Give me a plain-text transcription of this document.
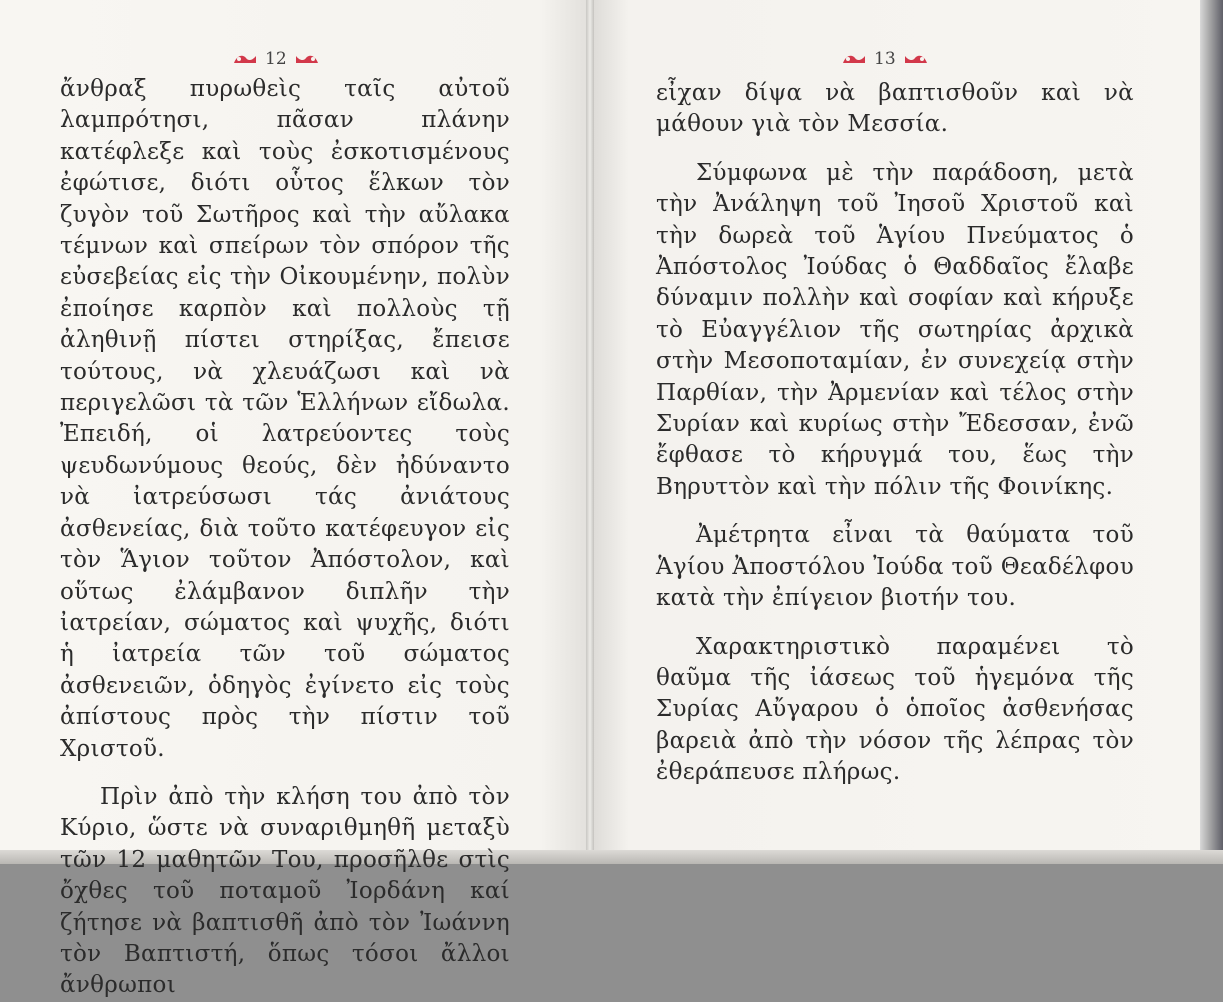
12	13

ἄνθραξ πυρωθεὶς ταῖς αὐτοῦ λαμπρότησι, πᾶσαν πλάνην κατέφλεξε καὶ τοὺς ἐσκοτισμένους ἐφώτισε, διότι οὗτος ἕλκων τὸν ζυγὸν τοῦ Σωτῆρος καὶ τὴν αὔλακα τέμνων καὶ σπείρων τὸν σπόρον τῆς εὐσεβείας εἰς τὴν Οἰκουμένην, πολὺν ἐποίησε καρπὸν καὶ πολλοὺς τῇ ἀληθινῇ πίστει στηρίξας, ἔπεισε τούτους, νὰ χλευάζωσι καὶ νὰ περιγελῶσι τὰ τῶν Ἑλλήνων εἴδωλα. Ἐπειδή, οἱ λατρεύοντες τοὺς ψευδωνύμους θεούς, δὲν ἠδύναντο νὰ ἰατρεύσωσι τάς ἀνιάτους ἀσθενείας, διὰ τοῦτο κατέφευγον εἰς τὸν Ἅγιον τοῦτον Ἀπόστολον, καὶ οὕτως ἐλάμβανον διπλῆν τὴν ἰατρείαν, σώματος καὶ ψυχῆς, διότι ἡ ἰατρεία τῶν τοῦ σώματος ἀσθενειῶν, ὁδηγὸς ἐγίνετο εἰς τοὺς ἀπίστους πρὸς τὴν πίστιν τοῦ Χριστοῦ.

Πρὶν ἀπὸ τὴν κλήση του ἀπὸ τὸν Κύριο, ὥστε νὰ συναριθμηθῆ μεταξὺ τῶν 12 μαθητῶν Του, προσῆλθε στὶς ὄχθες τοῦ ποταμοῦ Ἰορδάνη καί ζήτησε νὰ βαπτισθῆ ἀπὸ τὸν Ἰωάννη τὸν Βαπτιστή, ὅπως τόσοι ἄλλοι ἄνθρωποι

εἶχαν δίψα νὰ βαπτισθοῦν καὶ νὰ μάθουν γιὰ τὸν Μεσσία.

Σύμφωνα μὲ τὴν παράδοση, μετὰ τὴν Ἀνάληψη τοῦ Ἰησοῦ Χριστοῦ καὶ τὴν δωρεὰ τοῦ Ἁγίου Πνεύματος ὁ Ἀπόστολος Ἰούδας ὁ Θαδδαῖος ἔλαβε δύναμιν πολλὴν καὶ σοφίαν καὶ κήρυξε τὸ Εὐαγγέλιον τῆς σωτηρίας ἀρχικὰ στὴν Μεσοποταμίαν, ἐν συνεχείᾳ στὴν Παρθίαν, τὴν Ἀρμενίαν καὶ τέλος στὴν Συρίαν καὶ κυρίως στὴν Ἔδεσσαν, ἐνῶ ἔφθασε τὸ κήρυγμά του, ἕως τὴν Βηρυττὸν καὶ τὴν πόλιν τῆς Φοινίκης.

Ἀμέτρητα εἶναι τὰ θαύματα τοῦ Ἁγίου Ἀποστόλου Ἰούδα τοῦ Θεαδέλφου κατὰ τὴν ἐπίγειον βιοτήν του.

Χαρακτηριστικὸ παραμένει τὸ θαῦμα τῆς ἰάσεως τοῦ ἡγεμόνα τῆς Συρίας Αὔγαρου ὁ ὁποῖος ἀσθενήσας βαρειὰ ἀπὸ τὴν νόσον τῆς λέπρας τὸν ἐθεράπευσε πλήρως.
